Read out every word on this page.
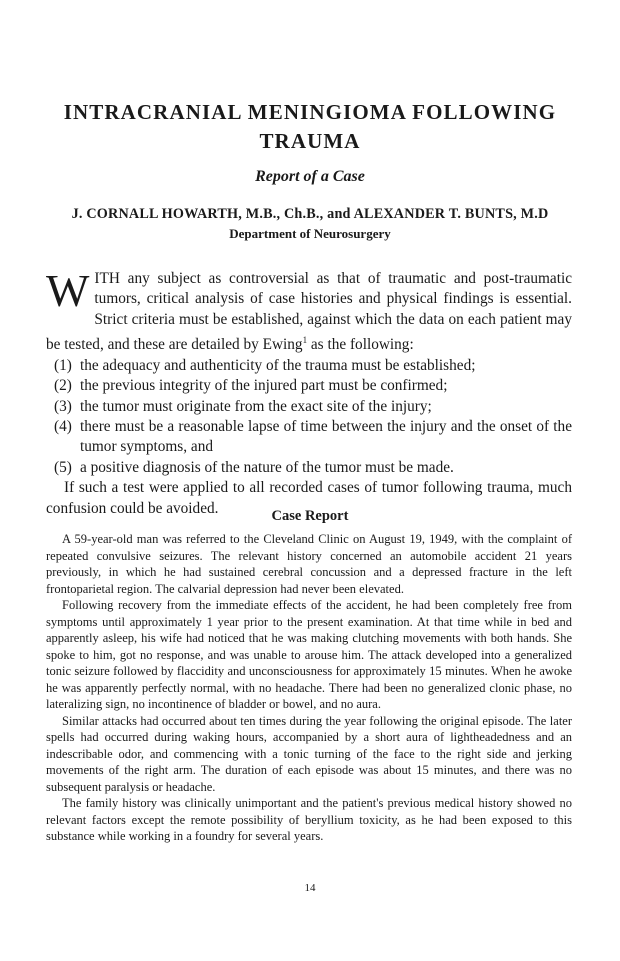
INTRACRANIAL MENINGIOMA FOLLOWING
TRAUMA
Report of a Case
J. CORNALL HOWARTH, M.B., Ch.B., and ALEXANDER T. BUNTS, M.D
Department of Neurosurgery

WITH any subject as controversial as that of traumatic and post-traumatic tumors, critical analysis of case histories and physical findings is essential. Strict criteria must be established, against which the data on each patient may be tested, and these are detailed by Ewing$^1$ as the following:

(1) the adequacy and authenticity of the trauma must be established;
(2) the previous integrity of the injured part must be confirmed;
(3) the tumor must originate from the exact site of the injury;
(4) there must be a reasonable lapse of time between the injury and the onset of the tumor symptoms, and
(5) a positive diagnosis of the nature of the tumor must be made.

If such a test were applied to all recorded cases of tumor following trauma, much confusion could be avoided.	Case Report

A 59-year-old man was referred to the Cleveland Clinic on August 19, 1949, with the complaint of repeated convulsive seizures. The relevant history concerned an automobile accident 21 years previously, in which he had sustained cerebral concussion and a depressed fracture in the left frontoparietal region. The calvarial depression had never been elevated.

Following recovery from the immediate effects of the accident, he had been completely free from symptoms until approximately 1 year prior to the present examination. At that time while in bed and apparently asleep, his wife had noticed that he was making clutching movements with both hands. She spoke to him, got no response, and was unable to arouse him. The attack developed into a generalized tonic seizure followed by flaccidity and unconsciousness for approximately 15 minutes. When he awoke he was apparently perfectly normal, with no headache. There had been no generalized clonic phase, no lateralizing sign, no incontinence of bladder or bowel, and no aura.

Similar attacks had occurred about ten times during the year following the original episode. The later spells had occurred during waking hours, accompanied by a short aura of lightheadedness and an indescribable odor, and commencing with a tonic turning of the face to the right side and jerking movements of the right arm. The duration of each episode was about 15 minutes, and there was no subsequent paralysis or headache.

The family history was clinically unimportant and the patient's previous medical history showed no relevant factors except the remote possibility of beryllium toxicity, as he had been exposed to this substance while working in a foundry for several years.

14
